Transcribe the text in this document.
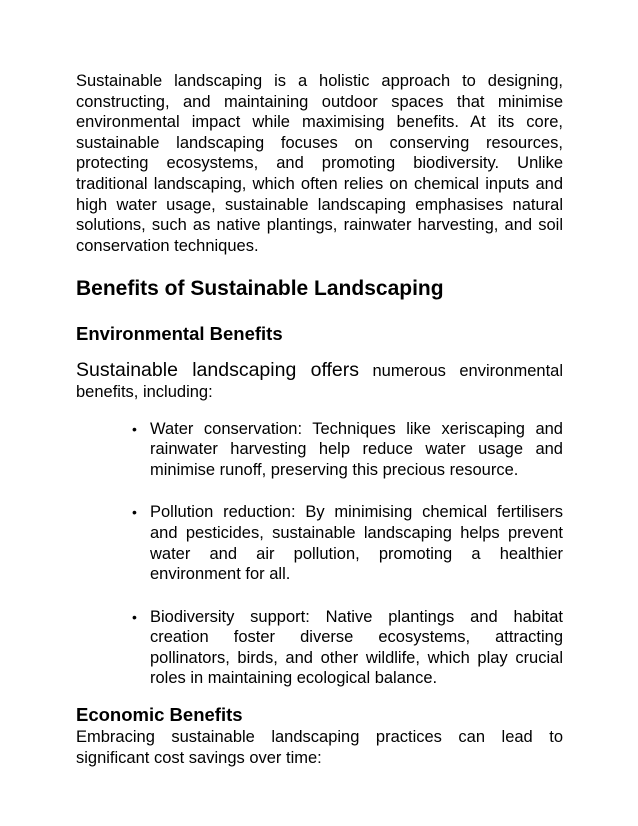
Sustainable landscaping is a holistic approach to designing, constructing, and maintaining outdoor spaces that minimise environmental impact while maximising benefits. At its core, sustainable landscaping focuses on conserving resources, protecting ecosystems, and promoting biodiversity. Unlike traditional landscaping, which often relies on chemical inputs and high water usage, sustainable landscaping emphasises natural solutions, such as native plantings, rainwater harvesting, and soil conservation techniques.

Benefits of Sustainable Landscaping
Environmental Benefits

Sustainable landscaping offers numerous environmental benefits, including:

• Water conservation: Techniques like xeriscaping and rainwater harvesting help reduce water usage and minimise runoff, preserving this precious resource.
• Pollution reduction: By minimising chemical fertilisers and pesticides, sustainable landscaping helps prevent water and air pollution, promoting a healthier environment for all.
• Biodiversity support: Native plantings and habitat creation foster diverse ecosystems, attracting pollinators, birds, and other wildlife, which play crucial roles in maintaining ecological balance.
Economic Benefits

Embracing sustainable landscaping practices can lead to significant cost savings over time:
